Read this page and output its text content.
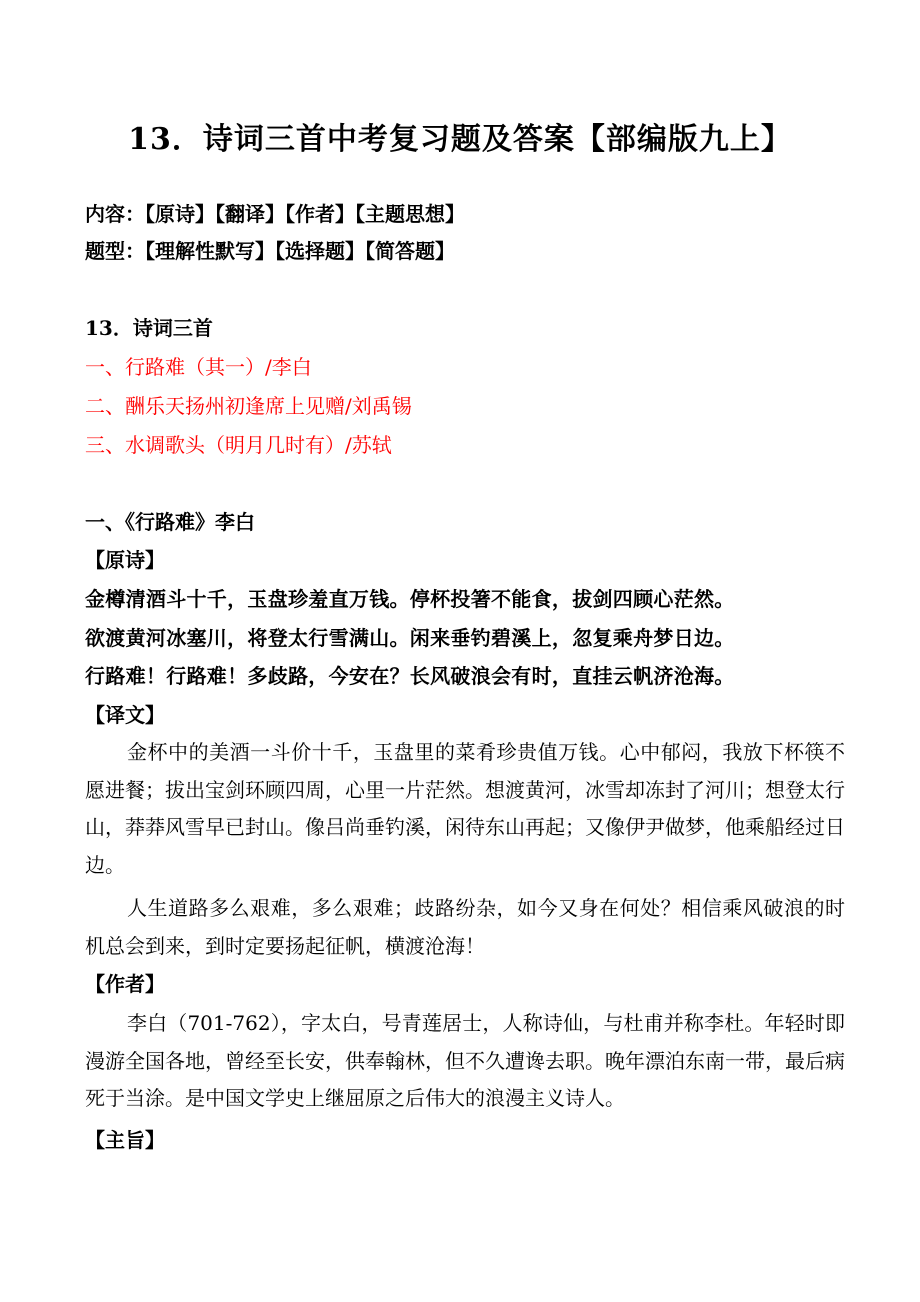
13．诗词三首中考复习题及答案【部编版九上】
内容：【原诗】【翻译】【作者】【主题思想】
题型：【理解性默写】【选择题】【简答题】
13．诗词三首
一、行路难（其一）/李白
二、酬乐天扬州初逢席上见赠/刘禹锡
三、水调歌头（明月几时有）/苏轼
一、《行路难》李白
【原诗】
金樽清酒斗十千，玉盘珍羞直万钱。停杯投箸不能食，拔剑四顾心茫然。
欲渡黄河冰塞川，将登太行雪满山。闲来垂钓碧溪上，忽复乘舟梦日边。
行路难！行路难！多歧路，今安在？长风破浪会有时，直挂云帆济沧海。
【译文】
金杯中的美酒一斗价十千，玉盘里的菜肴珍贵值万钱。心中郁闷，我放下杯筷不愿进餐；拔出宝剑环顾四周，心里一片茫然。想渡黄河，冰雪却冻封了河川；想登太行山，莽莽风雪早已封山。像吕尚垂钓溪，闲待东山再起；又像伊尹做梦，他乘船经过日边。
人生道路多么艰难，多么艰难；歧路纷杂，如今又身在何处？相信乘风破浪的时机总会到来，到时定要扬起征帆，横渡沧海！
【作者】
李白（701-762），字太白，号青莲居士，人称诗仙，与杜甫并称李杜。年轻时即漫游全国各地，曾经至长安，供奉翰林，但不久遭谗去职。晚年漂泊东南一带，最后病死于当涂。是中国文学史上继屈原之后伟大的浪漫主义诗人。
【主旨】
